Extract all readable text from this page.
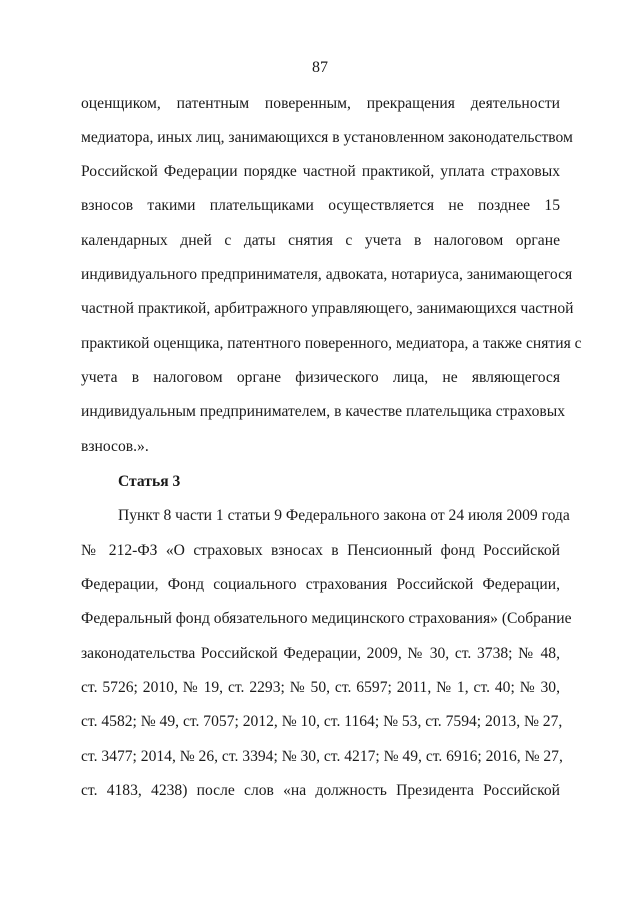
87
оценщиком, патентным поверенным, прекращения деятельности
медиатора, иных лиц, занимающихся в установленном законодательством
Российской Федерации порядке частной практикой, уплата страховых
взносов такими плательщиками осуществляется не позднее 15
календарных дней с даты снятия с учета в налоговом органе
индивидуального предпринимателя, адвоката, нотариуса, занимающегося
частной практикой, арбитражного управляющего, занимающихся частной
практикой оценщика, патентного поверенного, медиатора, а также снятия с
учета в налоговом органе физического лица, не являющегося
индивидуальным предпринимателем, в качестве плательщика страховых
взносов.».
Статья 3
Пункт 8 части 1 статьи 9 Федерального закона от 24 июля 2009 года
№ 212-ФЗ «О страховых взносах в Пенсионный фонд Российской
Федерации, Фонд социального страхования Российской Федерации,
Федеральный фонд обязательного медицинского страхования» (Собрание
законодательства Российской Федерации, 2009, № 30, ст. 3738; № 48,
ст. 5726; 2010, № 19, ст. 2293; № 50, ст. 6597; 2011, № 1, ст. 40; № 30,
ст. 4582; № 49, ст. 7057; 2012, № 10, ст. 1164; № 53, ст. 7594; 2013, № 27,
ст. 3477; 2014, № 26, ст. 3394; № 30, ст. 4217; № 49, ст. 6916; 2016, № 27,
ст. 4183, 4238) после слов «на должность Президента Российской
